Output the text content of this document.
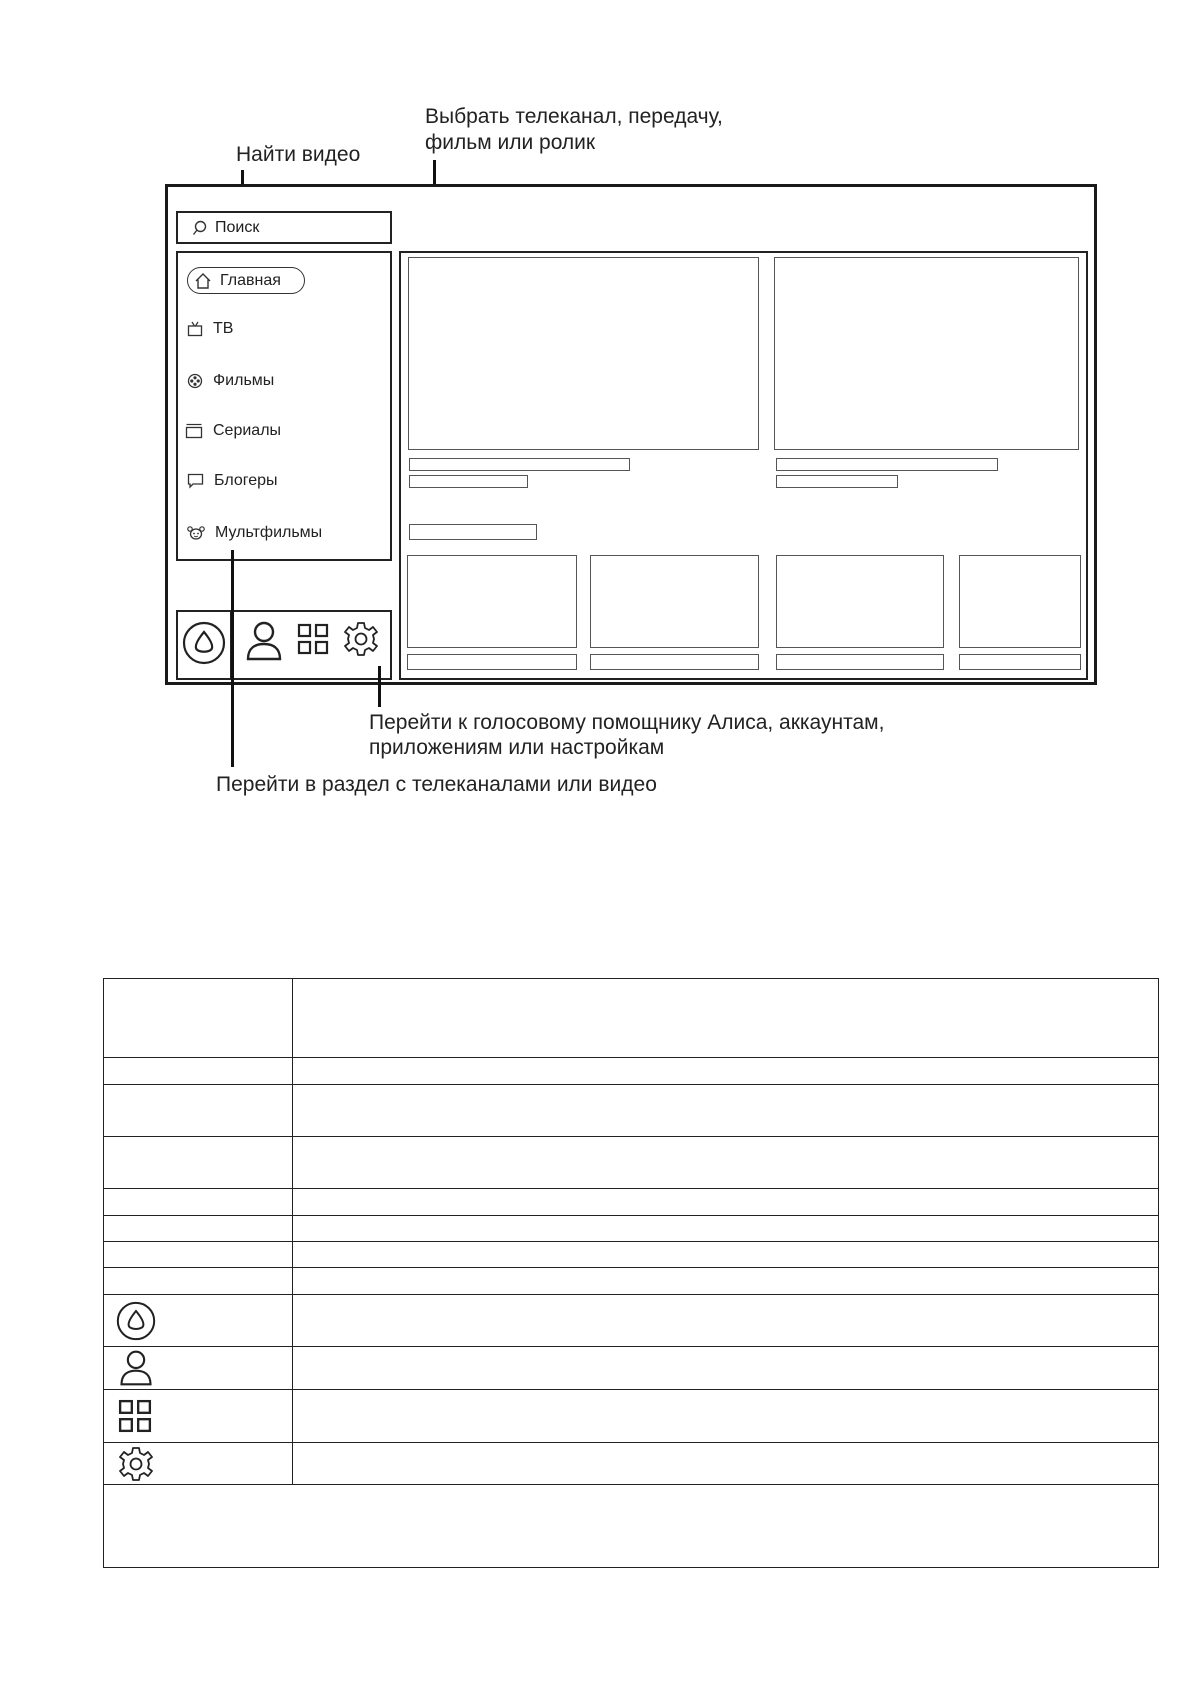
Выбрать телеканал, передачу,
фильм или ролик
Найти видео
Поиск
Главная
ТВ
Фильмы
Сериалы
Блогеры
Мультфильмы
Перейти к голосовому помощнику Алиса, аккаунтам,
приложениям или настройкам
Перейти в раздел с телеканалами или видео
